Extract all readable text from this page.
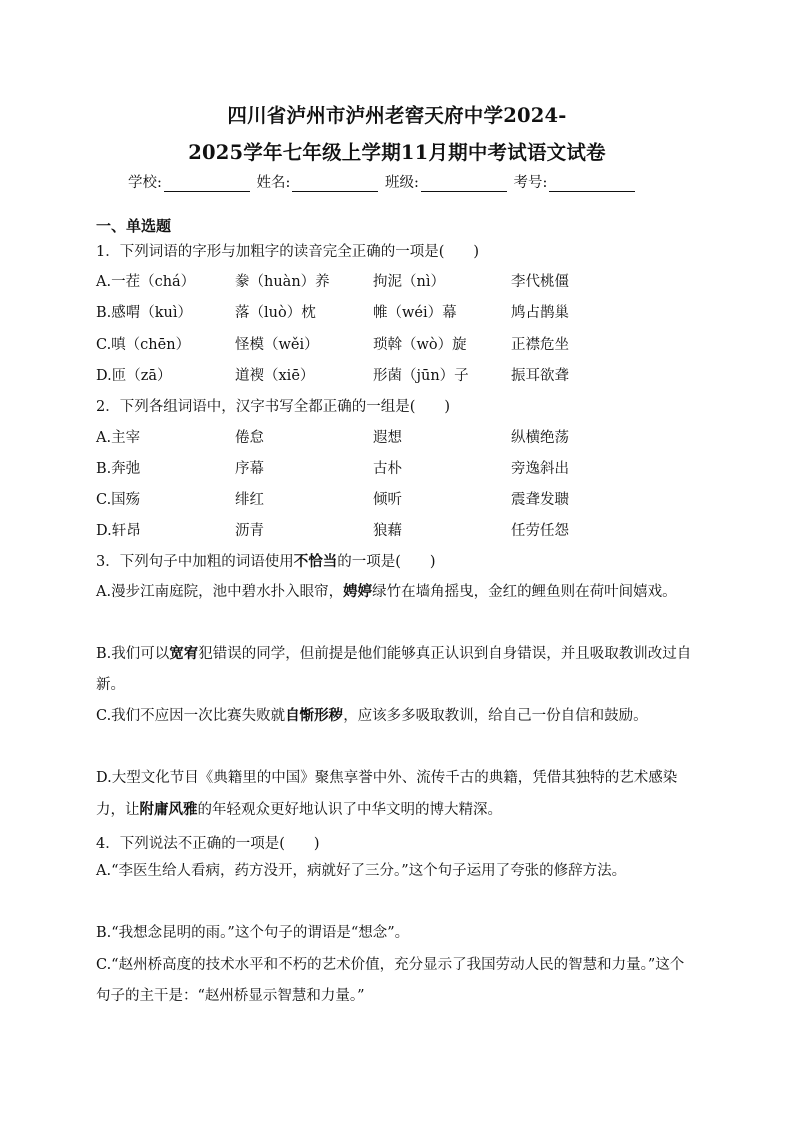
四川省泸州市泸州老窖天府中学2024-
2025学年七年级上学期11月期中考试语文试卷
学校:	姓名:	班级:	考号:
一、单选题
1．下列词语的字形与加粗字的读音完全正确的一项是(　　)
A.一茬（chá）	豢（huàn）养	拘泥（nì）	李代桃僵
B.感喟（kuì）	落（luò）枕	帷（wéi）幕	鸠占鹊巢
C.嗔（chēn）	怪模（wěi）	琐斡（wò）旋	正襟危坐
D.匝（zā）	道褉（xiē）	形菌（jūn）子	振耳欲聋
2．下列各组词语中，汉字书写全都正确的一组是(　　)
A.主宰	倦怠	遐想	纵横绝荡
B.奔弛	序幕	古朴	旁逸斜出
C.国殇	绯红	倾听	震聋发聩
D.轩昂	沥青	狼藉	任劳任怨
3．下列句子中加粗的词语使用不恰当的一项是(　　)
A.漫步江南庭院，池中碧水扑入眼帘，娉婷绿竹在墙角摇曳，金红的鲤鱼则在荷叶间嬉戏。
B.我们可以宽宥犯错误的同学，但前提是他们能够真正认识到自身错误，并且吸取教训改过自新。
C.我们不应因一次比赛失败就自惭形秽，应该多多吸取教训，给自己一份自信和鼓励。
D.大型文化节目《典籍里的中国》聚焦享誉中外、流传千古的典籍，凭借其独特的艺术感染力，让附庸风雅的年轻观众更好地认识了中华文明的博大精深。
4．下列说法不正确的一项是(　　)
A.“李医生给人看病，药方没开，病就好了三分。”这个句子运用了夸张的修辞方法。
B.“我想念昆明的雨。”这个句子的谓语是“想念”。
C.“赵州桥高度的技术水平和不朽的艺术价值，充分显示了我国劳动人民的智慧和力量。”这个句子的主干是：“赵州桥显示智慧和力量。”
